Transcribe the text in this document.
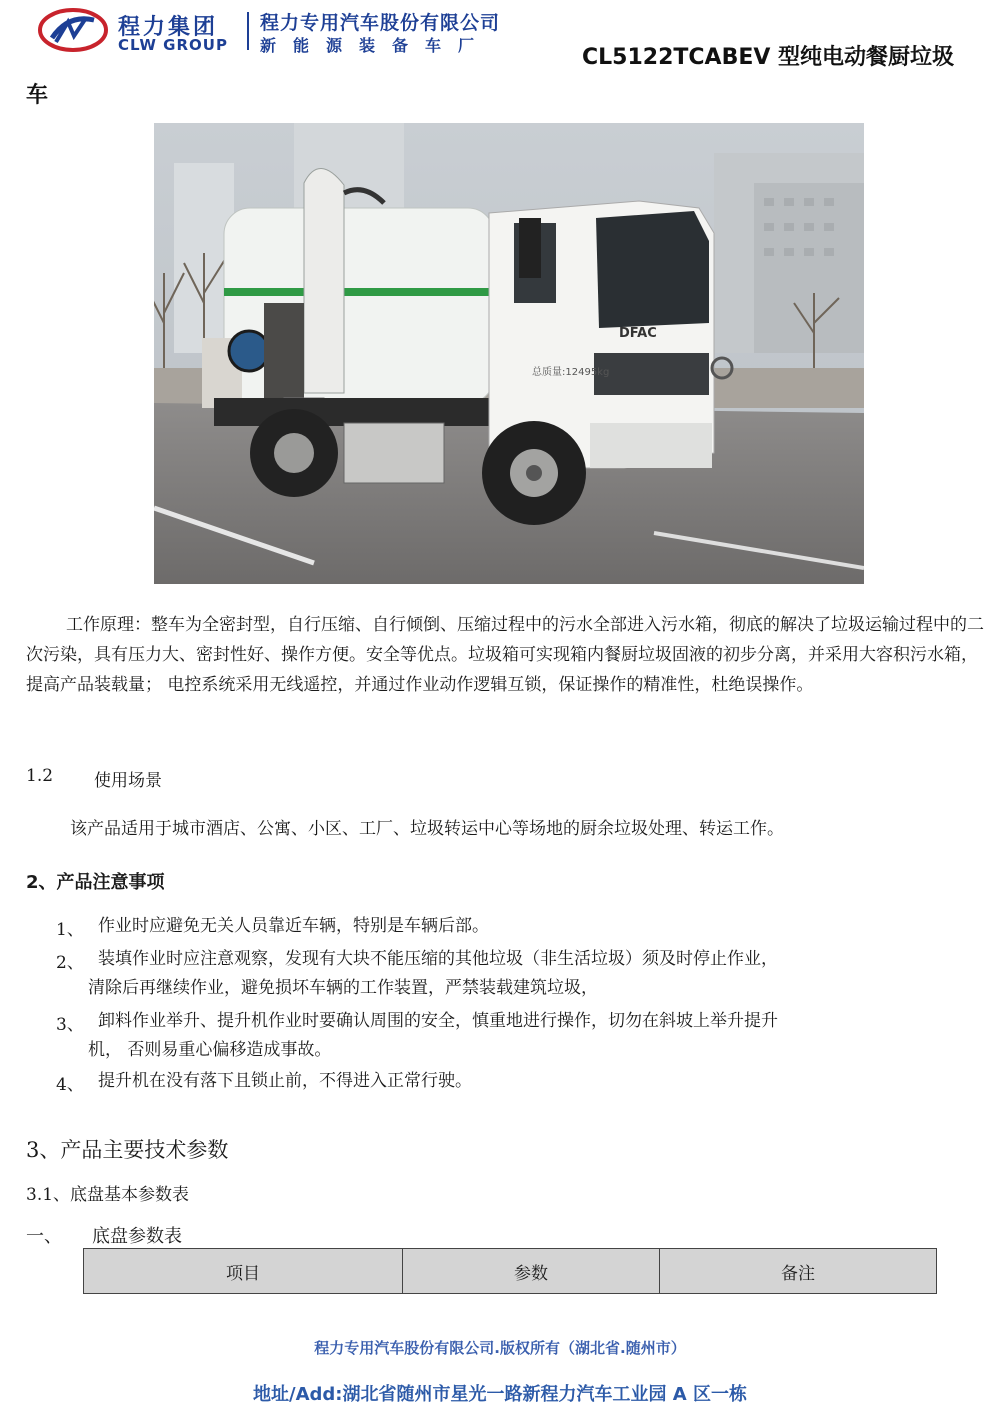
程力集团
CLW GROUP
程力专用汽车股份有限公司
新能源装备车厂	CL5122TCABEV 型纯电动餐厨垃圾
车
DFAC
总质量:12495kg
工作原理：整车为全密封型，自行压缩、自行倾倒、压缩过程中的污水全部进入污水箱，彻底的解决了垃圾运输过程中的二次污染，具有压力大、密封性好、操作方便。安全等优点。垃圾箱可实现箱内餐厨垃圾固液的初步分离，并采用大容积污水箱，提高产品装载量； 电控系统采用无线遥控，并通过作业动作逻辑互锁，保证操作的精准性，杜绝误操作。
1.2 使用场景
该产品适用于城市酒店、公寓、小区、工厂、垃圾转运中心等场地的厨余垃圾处理、转运工作。
2、产品注意事项
1、 作业时应避免无关人员靠近车辆，特别是车辆后部。
2、 装填作业时应注意观察，发现有大块不能压缩的其他垃圾（非生活垃圾）须及时停止作业，
清除后再继续作业，避免损坏车辆的工作装置，严禁装载建筑垃圾，
3、 卸料作业举升、提升机作业时要确认周围的安全，慎重地进行操作，切勿在斜坡上举升提升
机， 否则易重心偏移造成事故。
4、 提升机在没有落下且锁止前，不得进入正常行驶。
3、产品主要技术参数
3.1、底盘基本参数表
一、 底盘参数表
项目	参数	备注
程力专用汽车股份有限公司.版权所有（湖北省.随州市）
地址/Add:湖北省随州市星光一路新程力汽车工业园 A 区一栋
